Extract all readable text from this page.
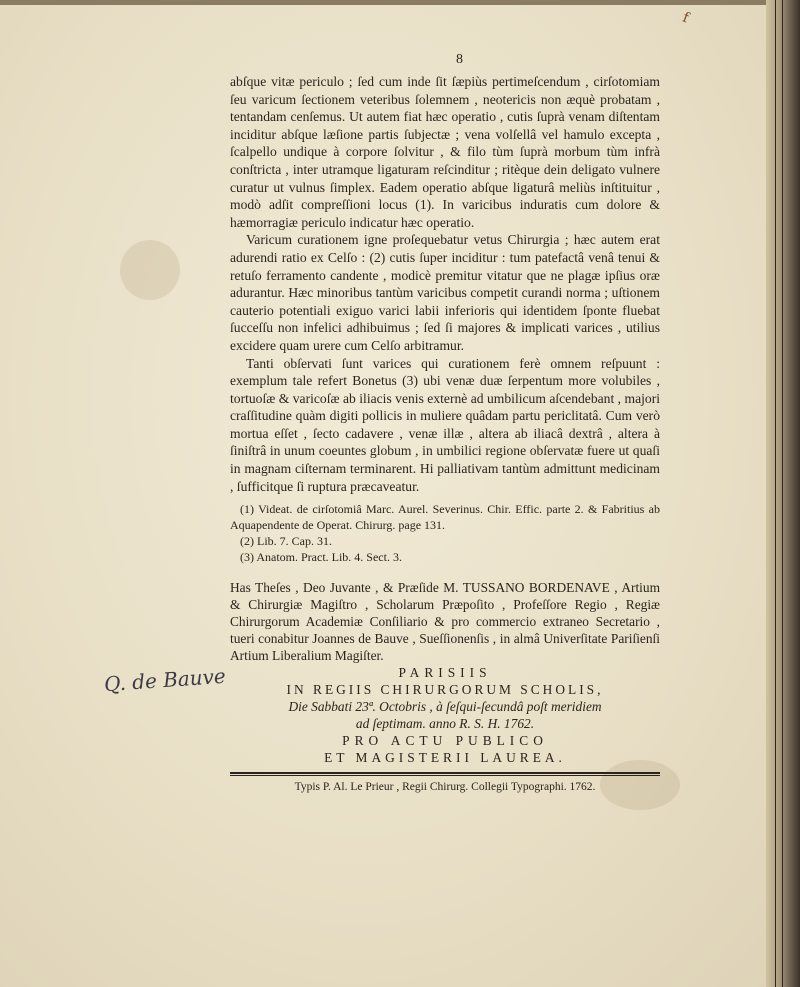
f
8

abſque vitæ periculo ; ſed cum inde ſit ſæpiùs pertimeſcendum , cirſotomiam ſeu varicum ſectionem veteribus ſolemnem , neotericis non æquè probatam , tentandam cenſemus. Ut autem fiat hæc operatio , cutis ſuprà venam diſtentam inciditur abſque læſione partis ſubjectæ ; vena volſellâ vel hamulo excepta , ſcalpello undique à corpore ſolvitur , & filo tùm ſuprà morbum tùm infrà conſtricta , inter utramque ligaturam reſcinditur ; ritèque dein deligato vulnere curatur ut vulnus ſimplex. Eadem operatio abſque ligaturâ meliùs inſtituitur , modò adſit compreſſioni locus (1). In varicibus induratis cum dolore & hæmorragiæ periculo indicatur hæc operatio.

Varicum curationem igne proſequebatur vetus Chirurgia ; hæc autem erat adurendi ratio ex Celſo : (2) cutis ſuper inciditur : tum patefactâ venâ tenui & retuſo ferramento candente , modicè premitur vitatur que ne plagæ ipſius oræ adurantur. Hæc minoribus tantùm varicibus competit curandi norma ; uſtionem cauterio potentiali exiguo varici labii inferioris qui identidem ſponte fluebat ſucceſſu non infelici adhibuimus ; ſed ſi majores & implicati varices , utilius excidere quam urere cum Celſo arbitramur.

Tanti obſervati ſunt varices qui curationem ferè omnem reſpuunt : exemplum tale refert Bonetus (3) ubi venæ duæ ſerpentum more volubiles , tortuoſæ & varicoſæ ab iliacis venis externè ad umbilicum aſcendebant , majori craſſitudine quàm digiti pollicis in muliere quâdam partu periclitatâ. Cum verò mortua eſſet , ſecto cadavere , venæ illæ , altera ab iliacâ dextrâ , altera à ſiniſtrâ in unum coeuntes globum , in umbilici regione obſervatæ fuere ut quaſi in magnam ciſternam terminarent. Hi palliativam tantùm admittunt medicinam , ſufficitque ſi ruptura præcaveatur.

(1) Videat. de cirſotomiâ Marc. Aurel. Severinus. Chir. Effic. parte 2. & Fabritius ab Aquapendente de Operat. Chirurg. page 131.

(2) Lib. 7. Cap. 31.

(3) Anatom. Pract. Lib. 4. Sect. 3.

Has Theſes , Deo Juvante , & Præſide M. TUSSANO BORDENAVE , Artium & Chirurgiæ Magiſtro , Scholarum Præpoſito , Profeſſore Regio , Regiæ Chirurgorum Academiæ Conſiliario & pro commercio extraneo Secretario , tueri conabitur Joannes de Bauve , Sueſſionenſis , in almâ Univerſitate Pariſienſi Artium Liberalium Magiſter.

PARISIIS

IN REGIIS CHIRURGORUM SCHOLIS,

Die Sabbati 23ª. Octobris , à ſeſqui-ſecundâ poſt meridiem

ad ſeptimam. anno R. S. H. 1762.

PRO ACTU PUBLICO

ET MAGISTERII LAUREA.

Typis P. Al. Le Prieur , Regii Chirurg. Collegii Typographi. 1762.

Q. de Bauve
